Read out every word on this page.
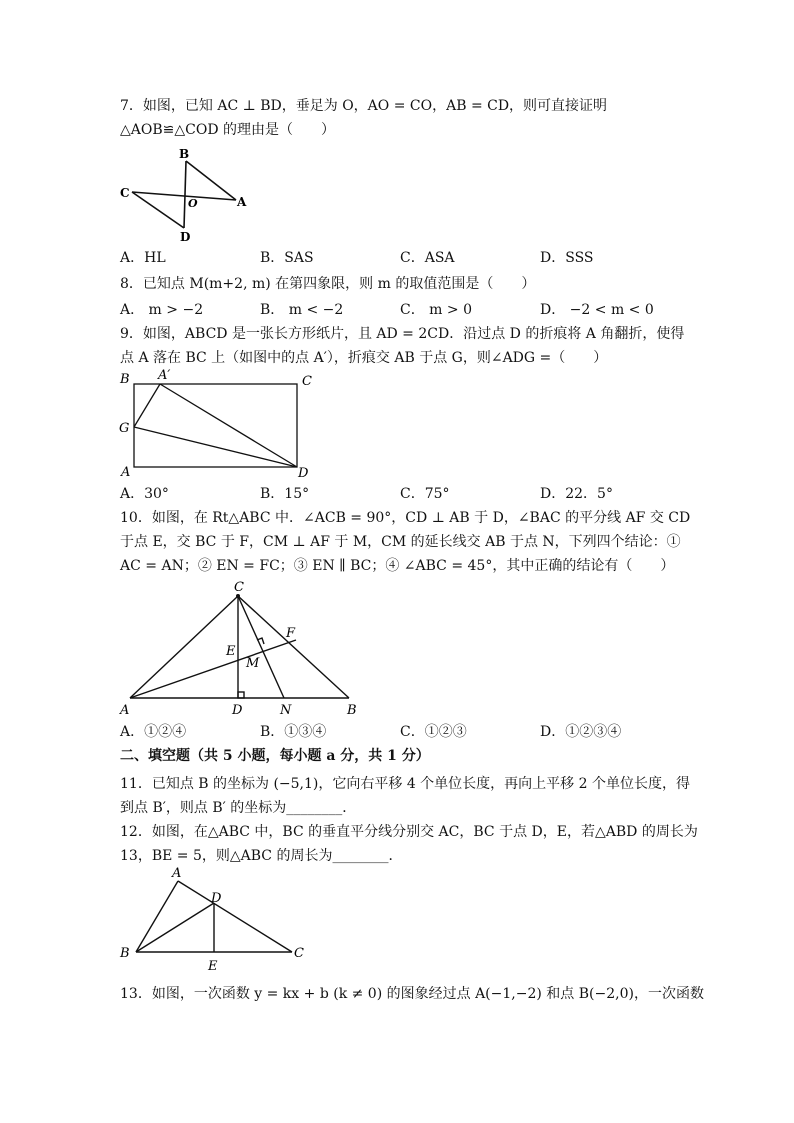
7．如图，已知 AC ⊥ BD，垂足为 O，AO = CO，AB = CD，则可直接证明
△AOB≌△COD 的理由是（　　）
B
C
O	A
D
A．HL	B．SAS	C．ASA	D．SSS
8．已知点 M(m+2, m) 在第四象限，则 m 的取值范围是（　　）
A． m > −2	B． m < −2	C． m > 0	D． −2 < m < 0
9．如图，ABCD 是一张长方形纸片，且 AD = 2CD．沿过点 D 的折痕将 A 角翻折，使得
点 A 落在 BC 上（如图中的点 A′），折痕交 AB 于点 G，则∠ADG =（　　）
B A′	C
G
A	D
A．30°	B．15°	C．75°	D．22．5°
10．如图，在 Rt△ABC 中．∠ACB = 90°，CD ⊥ AB 于 D，∠BAC 的平分线 AF 交 CD
于点 E，交 BC 于 F，CM ⊥ AF 于 M，CM 的延长线交 AB 于点 N，下列四个结论：①
AC = AN；② EN = FC；③ EN ∥ BC；④ ∠ABC = 45°，其中正确的结论有（　　）
C
F
E
M
A	D	N	B
A．①②④	B．①③④	C．①②③	D．①②③④
二、填空题（共 5 小题，每小题 a 分，共 1 分）
11．已知点 B 的坐标为 (−5,1)，它向右平移 4 个单位长度，再向上平移 2 个单位长度，得
到点 B′，则点 B′ 的坐标为________．
12．如图，在△ABC 中，BC 的垂直平分线分别交 AC，BC 于点 D，E，若△ABD 的周长为
13，BE = 5，则△ABC 的周长为________．
A
D
B
E
C
13．如图，一次函数 y = kx + b (k ≠ 0) 的图象经过点 A(−1,−2) 和点 B(−2,0)，一次函数
